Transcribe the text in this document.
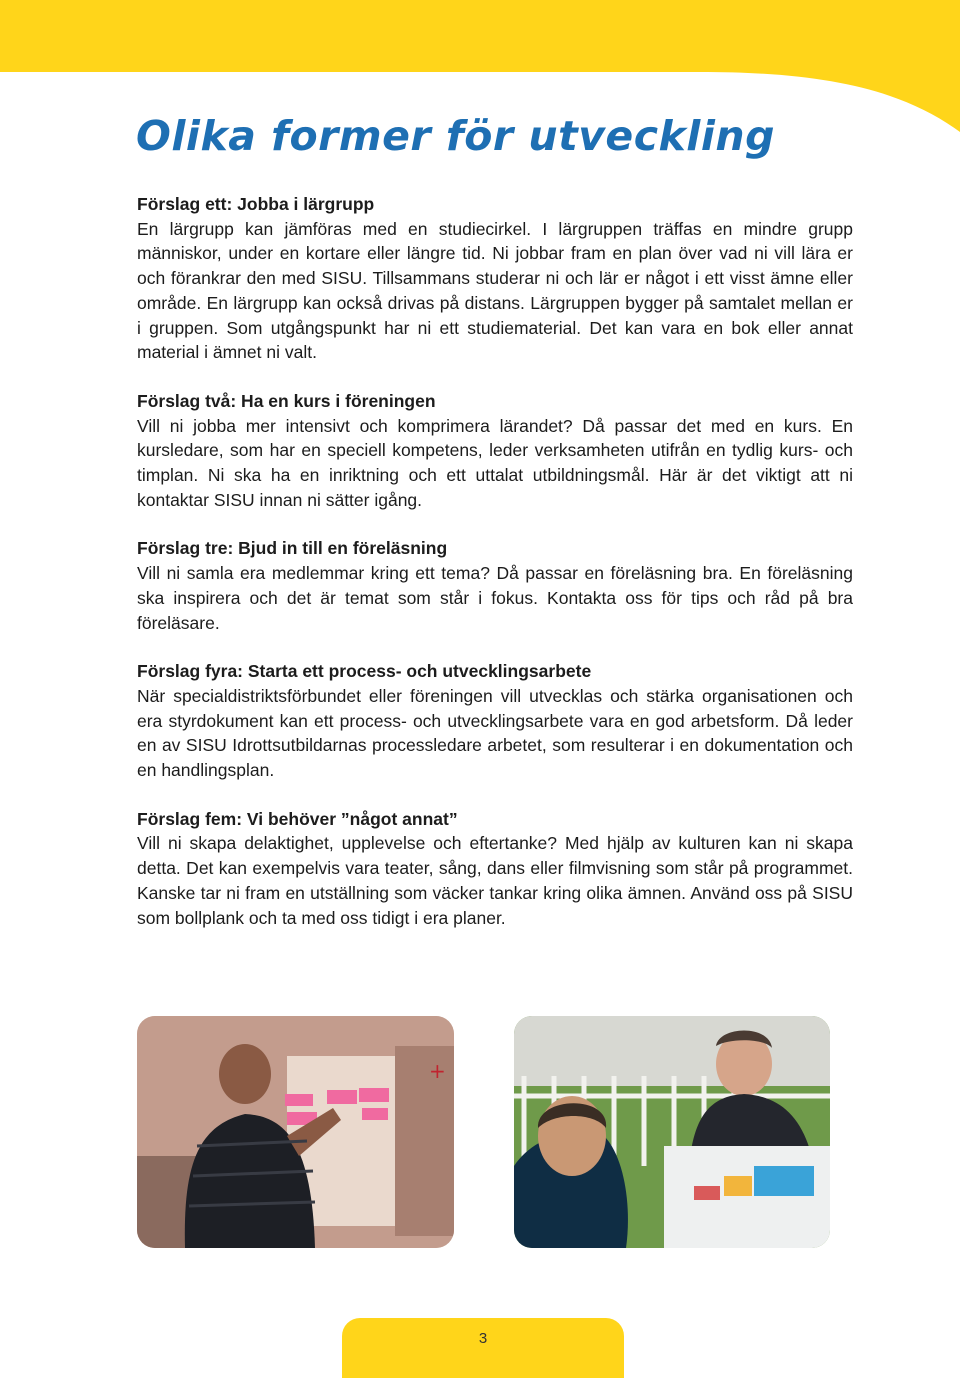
Olika former för utveckling

Förslag ett: Jobba i lärgrupp

En lärgrupp kan jämföras med en studiecirkel. I lärgruppen träffas en mindre grupp människor, under en kortare eller längre tid. Ni jobbar fram en plan över vad ni vill lära er och förankrar den med SISU. Tillsammans studerar ni och lär er något i ett visst ämne eller område. En lärgrupp kan också drivas på distans. Lärgruppen bygger på samtalet mellan er i gruppen. Som utgångspunkt har ni ett studiematerial. Det kan vara en bok eller annat material i ämnet ni valt.

Förslag två: Ha en kurs i föreningen

Vill ni jobba mer intensivt och komprimera lärandet? Då passar det med en kurs. En kursledare, som har en speciell kompetens, leder verksamheten utifrån en tydlig kurs- och timplan. Ni ska ha en inriktning och ett uttalat utbildningsmål. Här är det viktigt att ni kontaktar SISU innan ni sätter igång.

Förslag tre: Bjud in till en föreläsning

Vill ni samla era medlemmar kring ett tema? Då passar en föreläsning bra. En föreläsning ska inspirera och det är temat som står i fokus. Kontakta oss för tips och råd på bra föreläsare.

Förslag fyra: Starta ett process- och utvecklingsarbete

När specialdistriktsförbundet eller föreningen vill utvecklas och stärka organisationen och era styrdokument kan ett process- och utvecklingsarbete vara en god arbetsform. Då leder en av SISU Idrottsutbildarnas processledare arbetet, som resulterar i en dokumentation och en handlingsplan.

Förslag fem: Vi behöver ”något annat”

Vill ni skapa delaktighet, upplevelse och eftertanke? Med hjälp av kulturen kan ni skapa detta. Det kan exempelvis vara teater, sång, dans eller filmvisning som står på programmet. Kanske tar ni fram en utställning som väcker tankar kring olika ämnen. Använd oss på SISU som bollplank och ta med oss tidigt i era planer.

+
3
